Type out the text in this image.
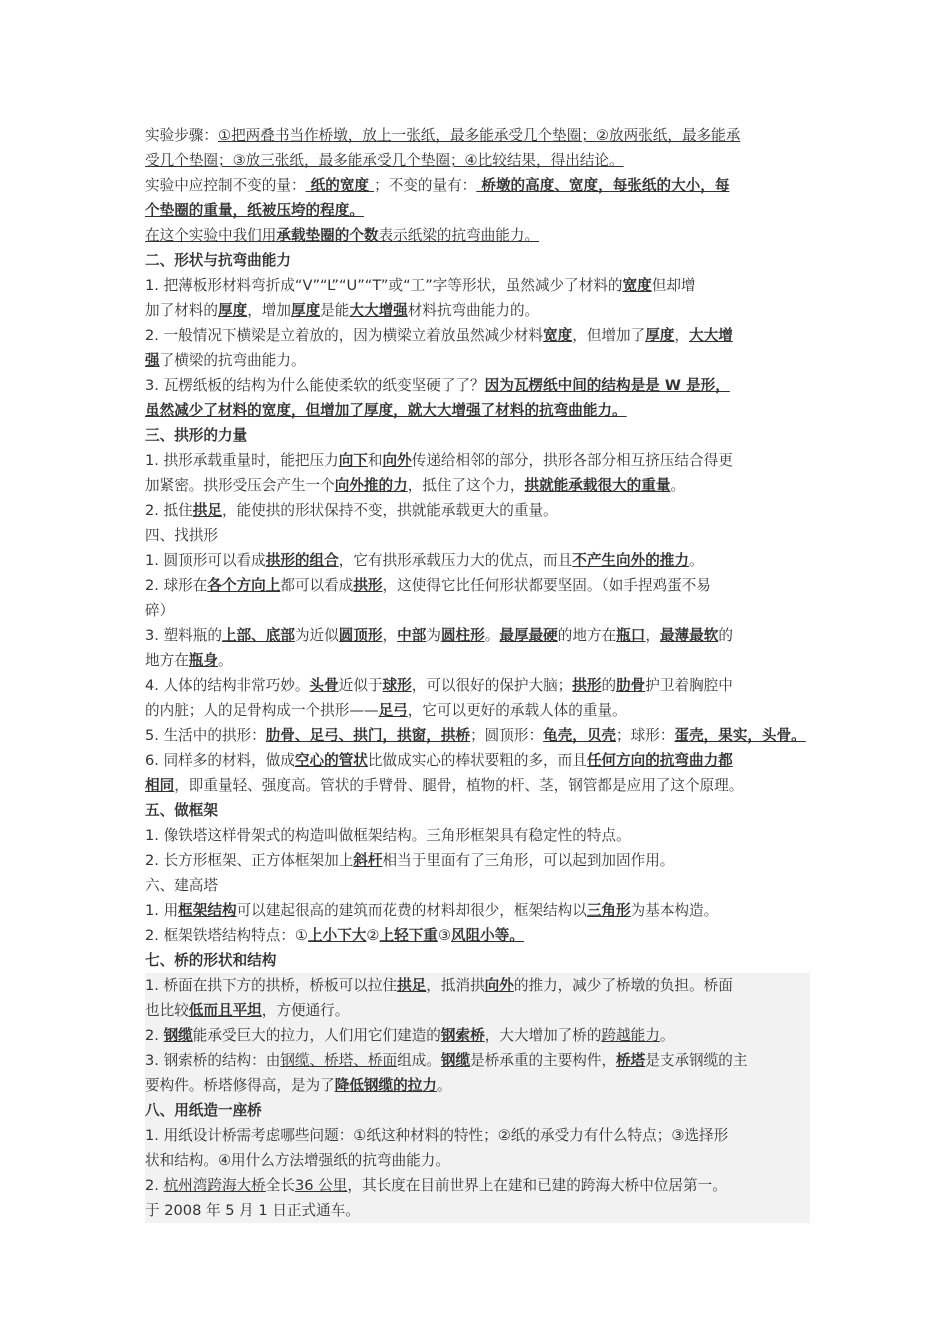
实验步骤：①把两叠书当作桥墩，放上一张纸，最多能承受几个垫圈；②放两张纸，最多能承
受几个垫圈；③放三张纸，最多能承受几个垫圈；④比较结果，得出结论。
实验中应控制不变的量： 纸的宽度 ；不变的量有： 桥墩的高度、宽度，每张纸的大小，每
个垫圈的重量，纸被压垮的程度。
在这个实验中我们用承载垫圈的个数表示纸梁的抗弯曲能力。
二、形状与抗弯曲能力
1. 把薄板形材料弯折成“V”“L”“U”“T”或“工”字等形状，虽然减少了材料的宽度但却增
加了材料的厚度，增加厚度是能大大增强材料抗弯曲能力的。
2. 一般情况下横梁是立着放的，因为横梁立着放虽然减少材料宽度，但增加了厚度，大大增
强了横梁的抗弯曲能力。
3. 瓦楞纸板的结构为什么能使柔软的纸变坚硬了了？因为瓦楞纸中间的结构是是 W 是形，
虽然减少了材料的宽度，但增加了厚度，就大大增强了材料的抗弯曲能力。
三、拱形的力量
1. 拱形承载重量时，能把压力向下和向外传递给相邻的部分，拱形各部分相互挤压结合得更
加紧密。拱形受压会产生一个向外推的力，抵住了这个力，拱就能承载很大的重量。
2. 抵住拱足，能使拱的形状保持不变，拱就能承载更大的重量。
四、找拱形
1. 圆顶形可以看成拱形的组合，它有拱形承载压力大的优点，而且不产生向外的推力。
2. 球形在各个方向上都可以看成拱形，这使得它比任何形状都要坚固。（如手捏鸡蛋不易
碎）
3. 塑料瓶的上部、底部为近似圆顶形，中部为圆柱形。最厚最硬的地方在瓶口，最薄最软的
地方在瓶身。
4. 人体的结构非常巧妙。头骨近似于球形，可以很好的保护大脑；拱形的肋骨护卫着胸腔中
的内脏；人的足骨构成一个拱形——足弓，它可以更好的承载人体的重量。
5. 生活中的拱形：肋骨、足弓、拱门，拱窗，拱桥；圆顶形：龟壳，贝壳；球形：蛋壳，果实，头骨。
6. 同样多的材料，做成空心的管状比做成实心的棒状要粗的多，而且任何方向的抗弯曲力都
相同，即重量轻、强度高。管状的手臂骨、腿骨，植物的杆、茎，钢管都是应用了这个原理。
五、做框架
1. 像铁塔这样骨架式的构造叫做框架结构。三角形框架具有稳定性的特点。
2. 长方形框架、正方体框架加上斜杆相当于里面有了三角形，可以起到加固作用。
六、建高塔
1. 用框架结构可以建起很高的建筑而花费的材料却很少，框架结构以三角形为基本构造。
2. 框架铁塔结构特点：①上小下大②上轻下重③风阻小等。
七、桥的形状和结构
1. 桥面在拱下方的拱桥，桥板可以拉住拱足，抵消拱向外的推力，减少了桥墩的负担。桥面
也比较低而且平坦，方便通行。
2. 钢缆能承受巨大的拉力，人们用它们建造的钢索桥，大大增加了桥的跨越能力。
3. 钢索桥的结构：由钢缆、桥塔、桥面组成。钢缆是桥承重的主要构件，桥塔是支承钢缆的主
要构件。桥塔修得高，是为了降低钢缆的拉力。
八、用纸造一座桥
1. 用纸设计桥需考虑哪些问题：①纸这种材料的特性；②纸的承受力有什么特点；③选择形
状和结构。④用什么方法增强纸的抗弯曲能力。
2. 杭州湾跨海大桥全长36 公里，其长度在目前世界上在建和已建的跨海大桥中位居第一。
于 2008 年 5 月 1 日正式通车。
